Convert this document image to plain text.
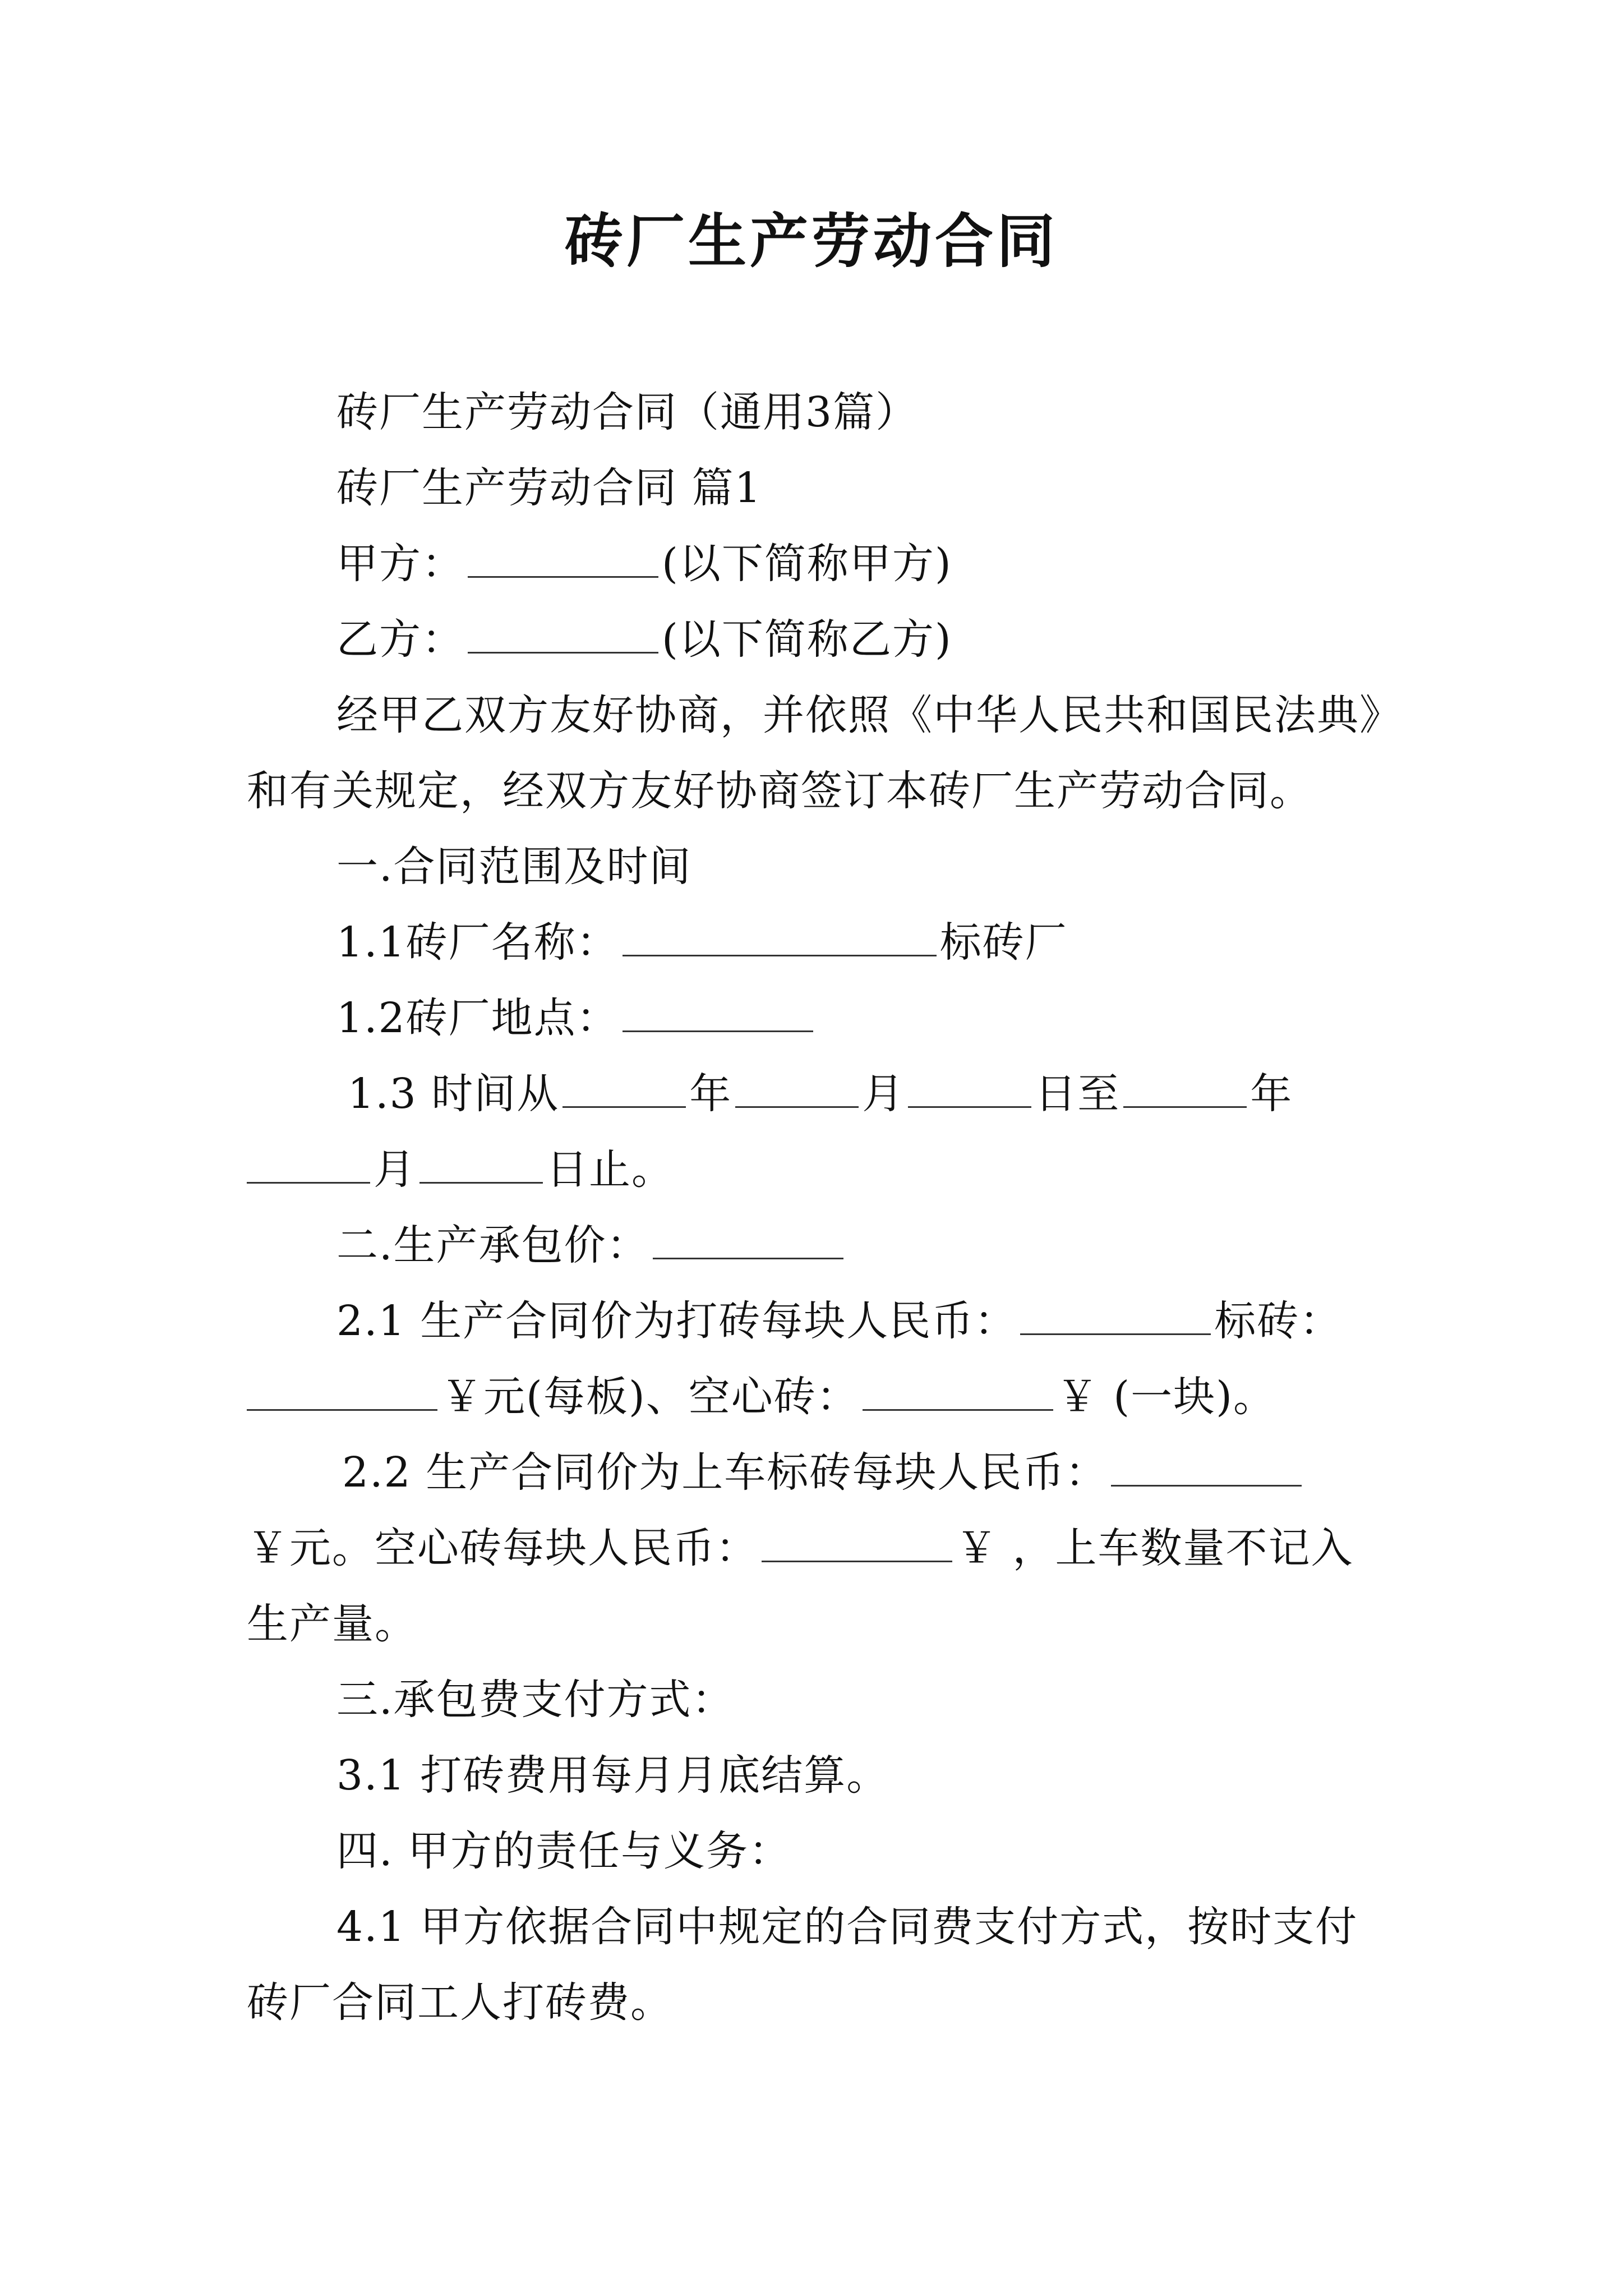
砖厂生产劳动合同
砖厂生产劳动合同（通用3篇）
砖厂生产劳动合同 篇1
甲方：	(以下简称甲方)
乙方：	(以下简称乙方)
经甲乙双方友好协商，并依照《中华人民共和国民法典》
和有关规定，经双方友好协商签订本砖厂生产劳动合同。
一.合同范围及时间
1.1砖厂名称：	标砖厂
1.2砖厂地点：
1.3 时间从	年	月	日至	年
月	日止。
二.生产承包价：
2.1 生产合同价为打砖每块人民币：	标砖：
￥元(每板)、空心砖：	￥ (一块)。
2.2 生产合同价为上车标砖每块人民币：
￥元。空心砖每块人民币：	￥ ，上车数量不记入
生产量。
三.承包费支付方式：
3.1 打砖费用每月月底结算。
四. 甲方的责任与义务：
4.1 甲方依据合同中规定的合同费支付方式，按时支付
砖厂合同工人打砖费。
